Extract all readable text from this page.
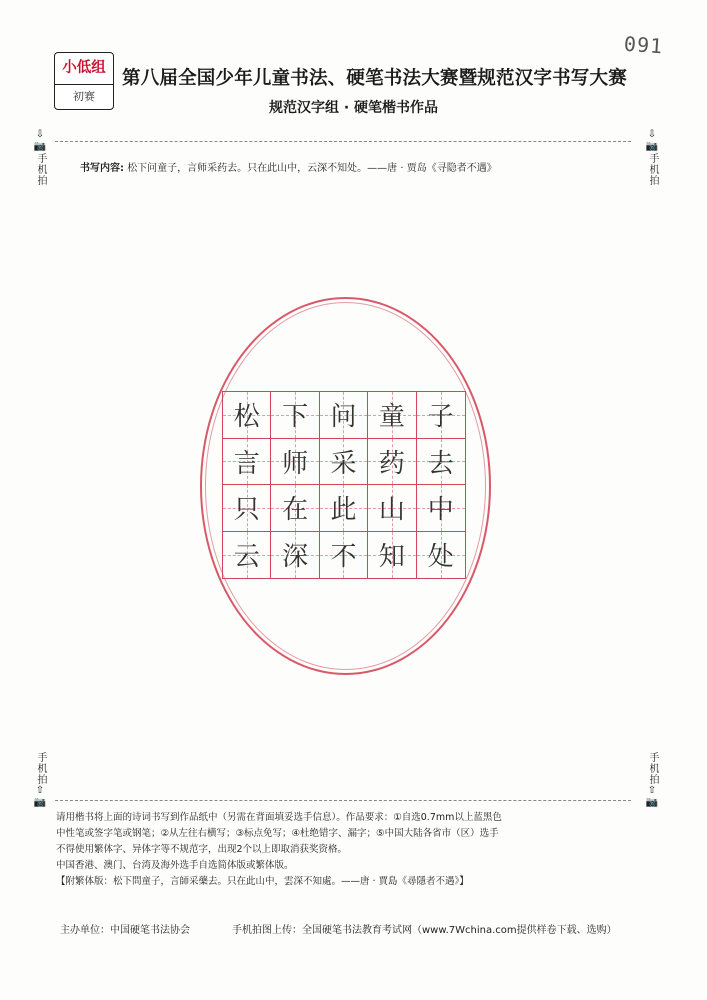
091
小低组
初赛
第八届全国少年儿童书法、硬笔书法大赛暨规范汉字书写大赛
规范汉字组 · 硬笔楷书作品
⇩📷
手机拍
⇩📷
手机拍
书写内容: 松下问童子，言师采药去。只在此山中，云深不知处。——唐 · 贾岛《寻隐者不遇》
松 下 问 童 子
言 师 采 药 去
只 在 此 山 中
云 深 不 知 处
手机拍
⇧📷
手机拍
⇧📷

请用楷书将上面的诗词书写到作品纸中（另需在背面填妥选手信息）。作品要求：①自选0.7mm以上蓝黑色

中性笔或签字笔或钢笔；②从左往右横写；③标点免写；④杜绝错字、漏字；⑤中国大陆各省市（区）选手

不得使用繁体字、异体字等不规范字，出现2个以上即取消获奖资格。

中国香港、澳门、台湾及海外选手自选简体版或繁体版。

【附繁体版：松下問童子，言師采藥去。只在此山中，雲深不知處。——唐 · 賈島《尋隱者不遇》】

主办单位：中国硬笔书法协会	手机拍图上传：全国硬笔书法教育考试网（www.7Wchina.com提供样卷下载、选购）
